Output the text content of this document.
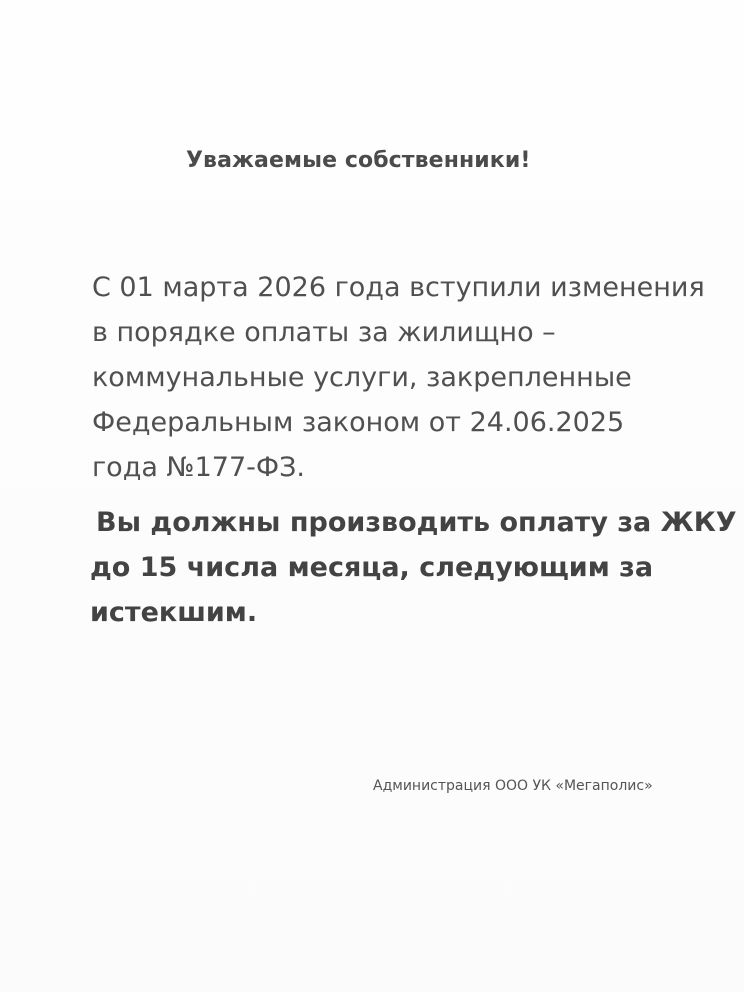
Уважаемые собственники!
С 01 марта 2026 года вступили изменения
в порядке оплаты за жилищно –
коммунальные услуги, закрепленные
Федеральным законом от 24.06.2025
года №177-ФЗ.
Вы должны производить оплату за ЖКУ
до 15 числа месяца, следующим за
истекшим.
Администрация ООО УК «Мегаполис»
